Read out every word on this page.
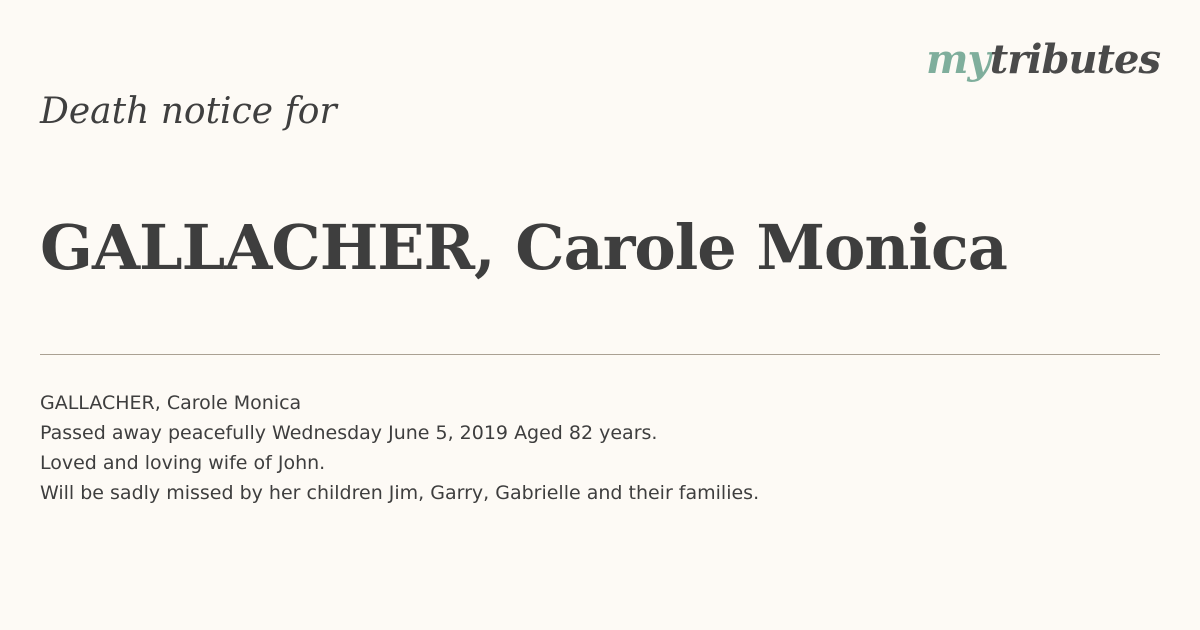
mytributes
Death notice for
GALLACHER, Carole Monica
GALLACHER, Carole Monica
Passed away peacefully Wednesday June 5, 2019 Aged 82 years.
Loved and loving wife of John.
Will be sadly missed by her children Jim, Garry, Gabrielle and their families.
